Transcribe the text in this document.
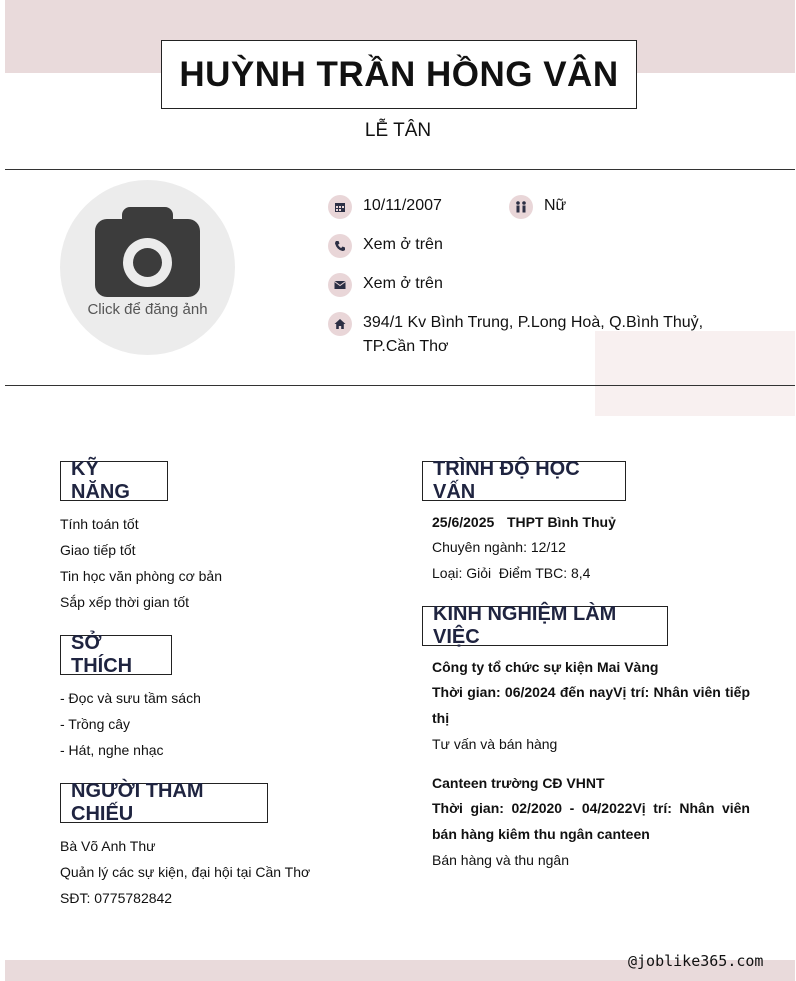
HUỲNH TRẦN HỒNG VÂN
LỄ TÂN
Click để đăng ảnh
10/11/2007	Nữ
Xem ở trên
Xem ở trên
394/1 Kv Bình Trung, P.Long Hoà, Q.Bình Thuỷ,
TP.Cần Thơ
KỸ NĂNG
Tính toán tốt
Giao tiếp tốt
Tin học văn phòng cơ bản
Sắp xếp thời gian tốt
SỞ THÍCH
- Đọc và sưu tầm sách
- Trồng cây
- Hát, nghe nhạc
NGƯỜI THAM CHIẾU
Bà Võ Anh Thư
Quản lý các sự kiện, đại hội tại Cần Thơ
SĐT: 0775782842
TRÌNH ĐỘ HỌC VẤN
25/6/2025 THPT Bình Thuỷ
Chuyên ngành: 12/12
Loại: Giỏi  Điểm TBC: 8,4
KINH NGHIỆM LÀM VIỆC
Công ty tổ chức sự kiện Mai Vàng
Thời gian: 06/2024 đến nayVị trí: Nhân viên tiếp thị
Tư vấn và bán hàng
Canteen trường CĐ VHNT
Thời gian: 02/2020 - 04/2022Vị trí: Nhân viên bán hàng kiêm thu ngân canteen
Bán hàng và thu ngân
@joblike365.com
